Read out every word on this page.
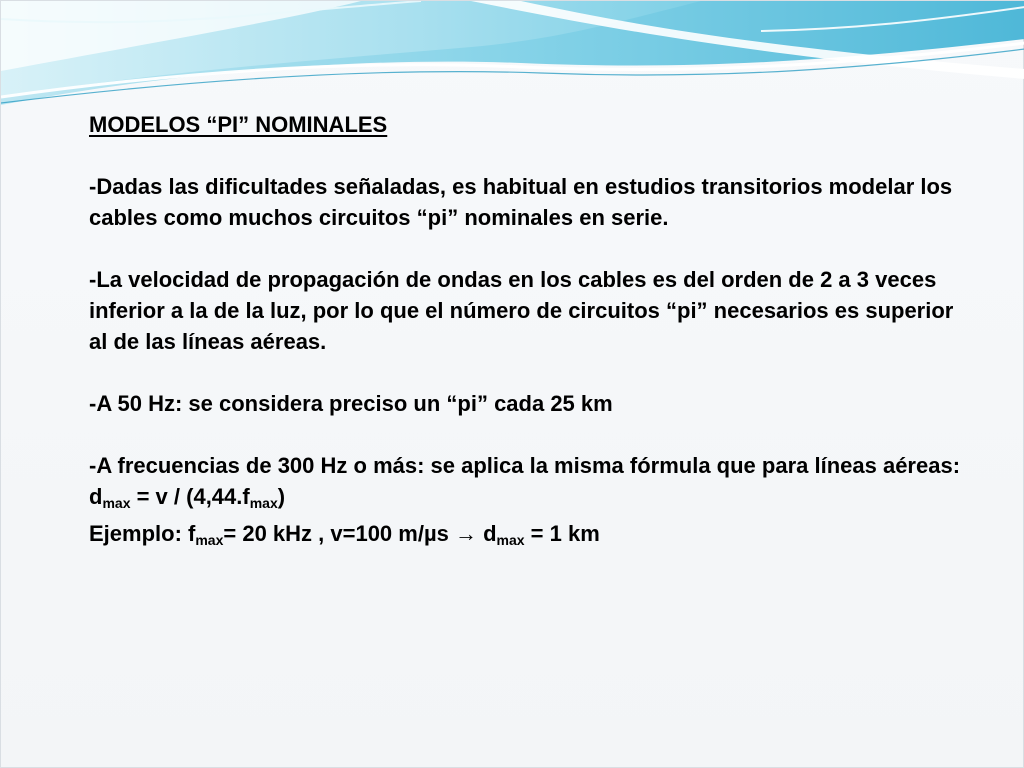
MODELOS “PI” NOMINALES

-Dadas las dificultades señaladas, es habitual en estudios transitorios modelar los cables como muchos circuitos “pi” nominales en serie.

-La velocidad de propagación de ondas en los cables es del orden de 2 a 3 veces inferior a la de la luz, por lo que el número de circuitos “pi” necesarios es superior al de las líneas aéreas.

-A 50 Hz: se considera preciso un “pi” cada 25 km

-A frecuencias de 300 Hz o más: se aplica la misma fórmula que para líneas aéreas: $d_{max} = v / (4,44.f_{max})$

Ejemplo: $f_{max}= 20$ kHz , v=100 $m/\mu s \to d_{max} = 1$ km
